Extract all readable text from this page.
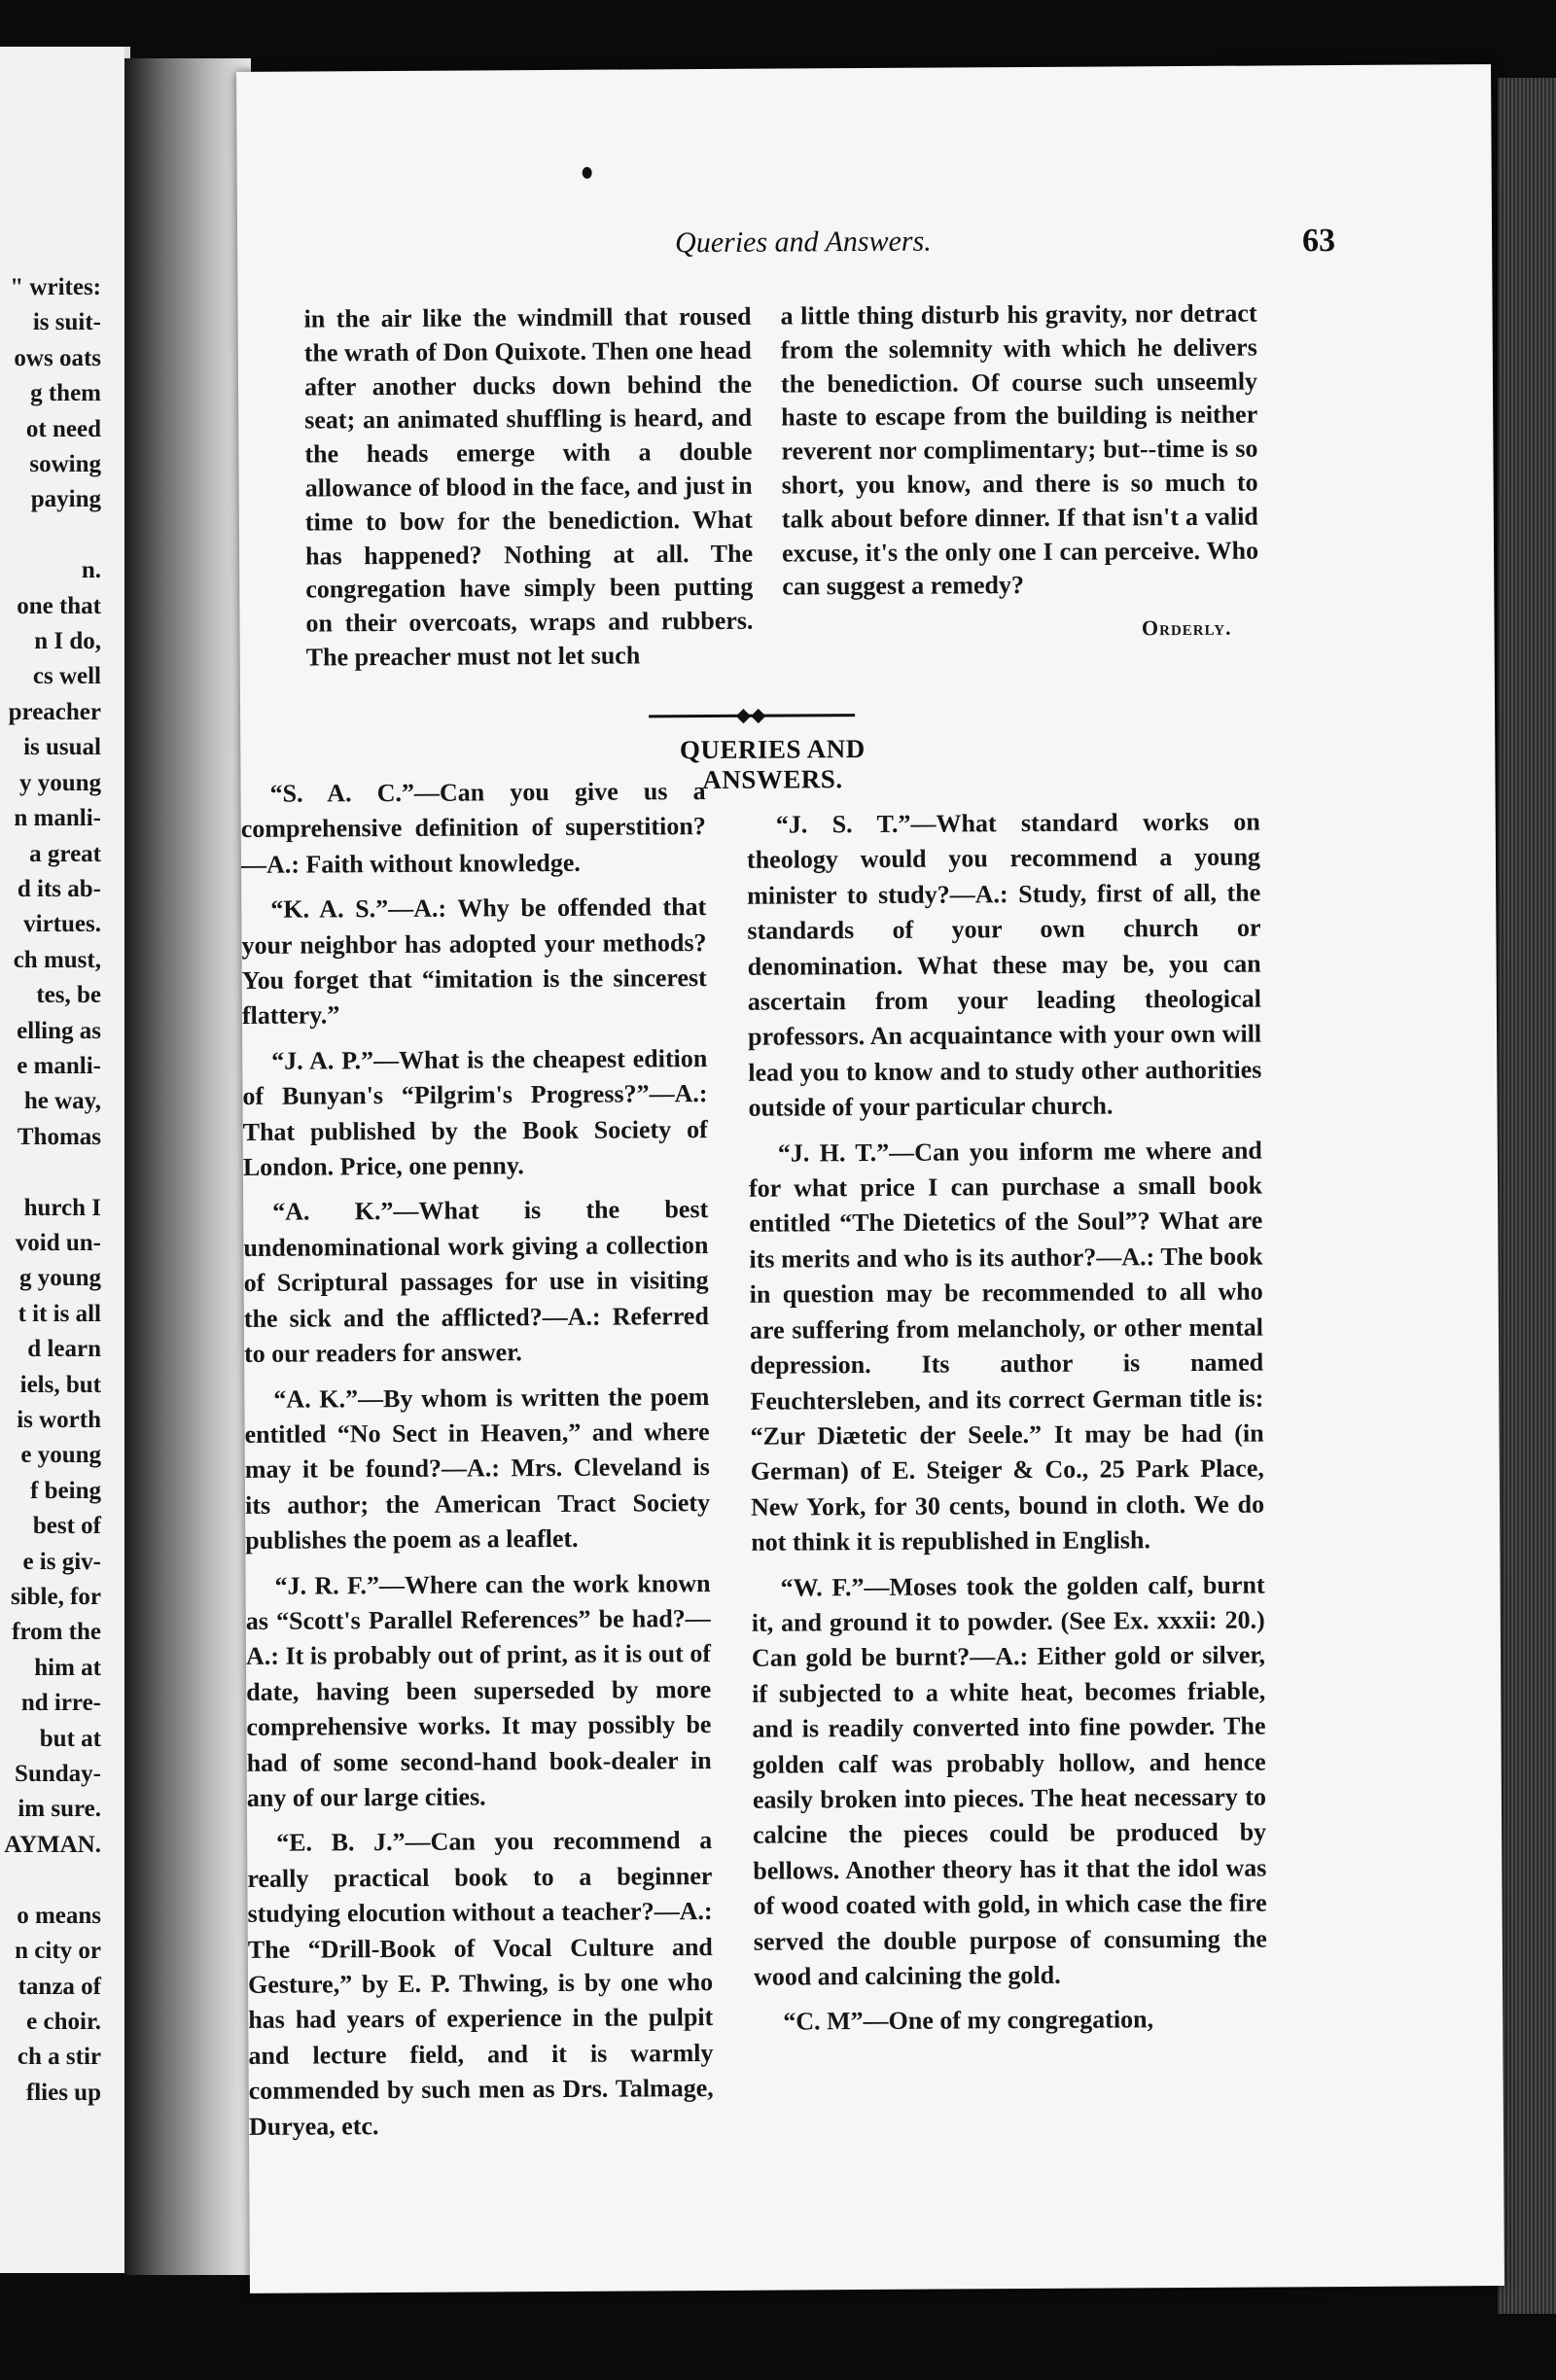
" writes:
is suit-
ows oats
g them
ot need
sowing
paying

n.
one that
n I do,
cs well
preacher
is usual
y young
n manli-
a great
d its ab-
virtues.
ch must,
tes, be
elling as
e manli-
he way,
Thomas

hurch I
void un-
g young
t it is all
d learn
iels, but
is worth
e young
f being
best of
e is giv-
sible, for
from the
him at
nd irre-
but at
Sunday-
im sure.
AYMAN.

o means
n city or
tanza of
e choir.
ch a stir
flies up
Queries and Answers.	63

in the air like the windmill that roused the wrath of Don Quixote. Then one head after another ducks down behind the seat; an animated shuffling is heard, and the heads emerge with a double allowance of blood in the face, and just in time to bow for the benediction. What has happened? Nothing at all. The congregation have simply been putting on their overcoats, wraps and rubbers. The preacher must not let such

a little thing disturb his gravity, nor detract from the solemnity with which he delivers the benediction. Of course such unseemly haste to escape from the building is neither reverent nor complimentary; but--time is so short, you know, and there is so much to talk about before dinner. If that isn't a valid excuse, it's the only one I can perceive. Who can suggest a remedy?

Orderly.
◆◆
QUERIES AND ANSWERS.

“S. A. C.”—Can you give us a comprehensive definition of superstition? —A.: Faith without knowledge.

“K. A. S.”—A.: Why be offended that your neighbor has adopted your methods? You forget that “imitation is the sincerest flattery.”

“J. A. P.”—What is the cheapest edition of Bunyan's “Pilgrim's Progress?”—A.: That published by the Book Society of London. Price, one penny.

“A. K.”—What is the best undenominational work giving a collection of Scriptural passages for use in visiting the sick and the afflicted?—A.: Referred to our readers for answer.

“A. K.”—By whom is written the poem entitled “No Sect in Heaven,” and where may it be found?—A.: Mrs. Cleveland is its author; the American Tract Society publishes the poem as a leaflet.

“J. R. F.”—Where can the work known as “Scott's Parallel References” be had?—A.: It is probably out of print, as it is out of date, having been superseded by more comprehensive works. It may possibly be had of some second-hand book-dealer in any of our large cities.

“E. B. J.”—Can you recommend a really practical book to a beginner studying elocution without a teacher?—A.: The “Drill-Book of Vocal Culture and Gesture,” by E. P. Thwing, is by one who has had years of experience in the pulpit and lecture field, and it is warmly commended by such men as Drs. Talmage, Duryea, etc.

“J. S. T.”—What standard works on theology would you recommend a young minister to study?—A.: Study, first of all, the standards of your own church or denomination. What these may be, you can ascertain from your leading theological professors. An acquaintance with your own will lead you to know and to study other authorities outside of your particular church.

“J. H. T.”—Can you inform me where and for what price I can purchase a small book entitled “The Dietetics of the Soul”? What are its merits and who is its author?—A.: The book in question may be recommended to all who are suffering from melancholy, or other mental depression. Its author is named Feuchtersleben, and its correct German title is: “Zur Diætetic der Seele.” It may be had (in German) of E. Steiger & Co., 25 Park Place, New York, for 30 cents, bound in cloth. We do not think it is republished in English.

“W. F.”—Moses took the golden calf, burnt it, and ground it to powder. (See Ex. xxxii: 20.) Can gold be burnt?—A.: Either gold or silver, if subjected to a white heat, becomes friable, and is readily converted into fine powder. The golden calf was probably hollow, and hence easily broken into pieces. The heat necessary to calcine the pieces could be produced by bellows. Another theory has it that the idol was of wood coated with gold, in which case the fire served the double purpose of consuming the wood and calcining the gold.

“C. M”—One of my congregation,
